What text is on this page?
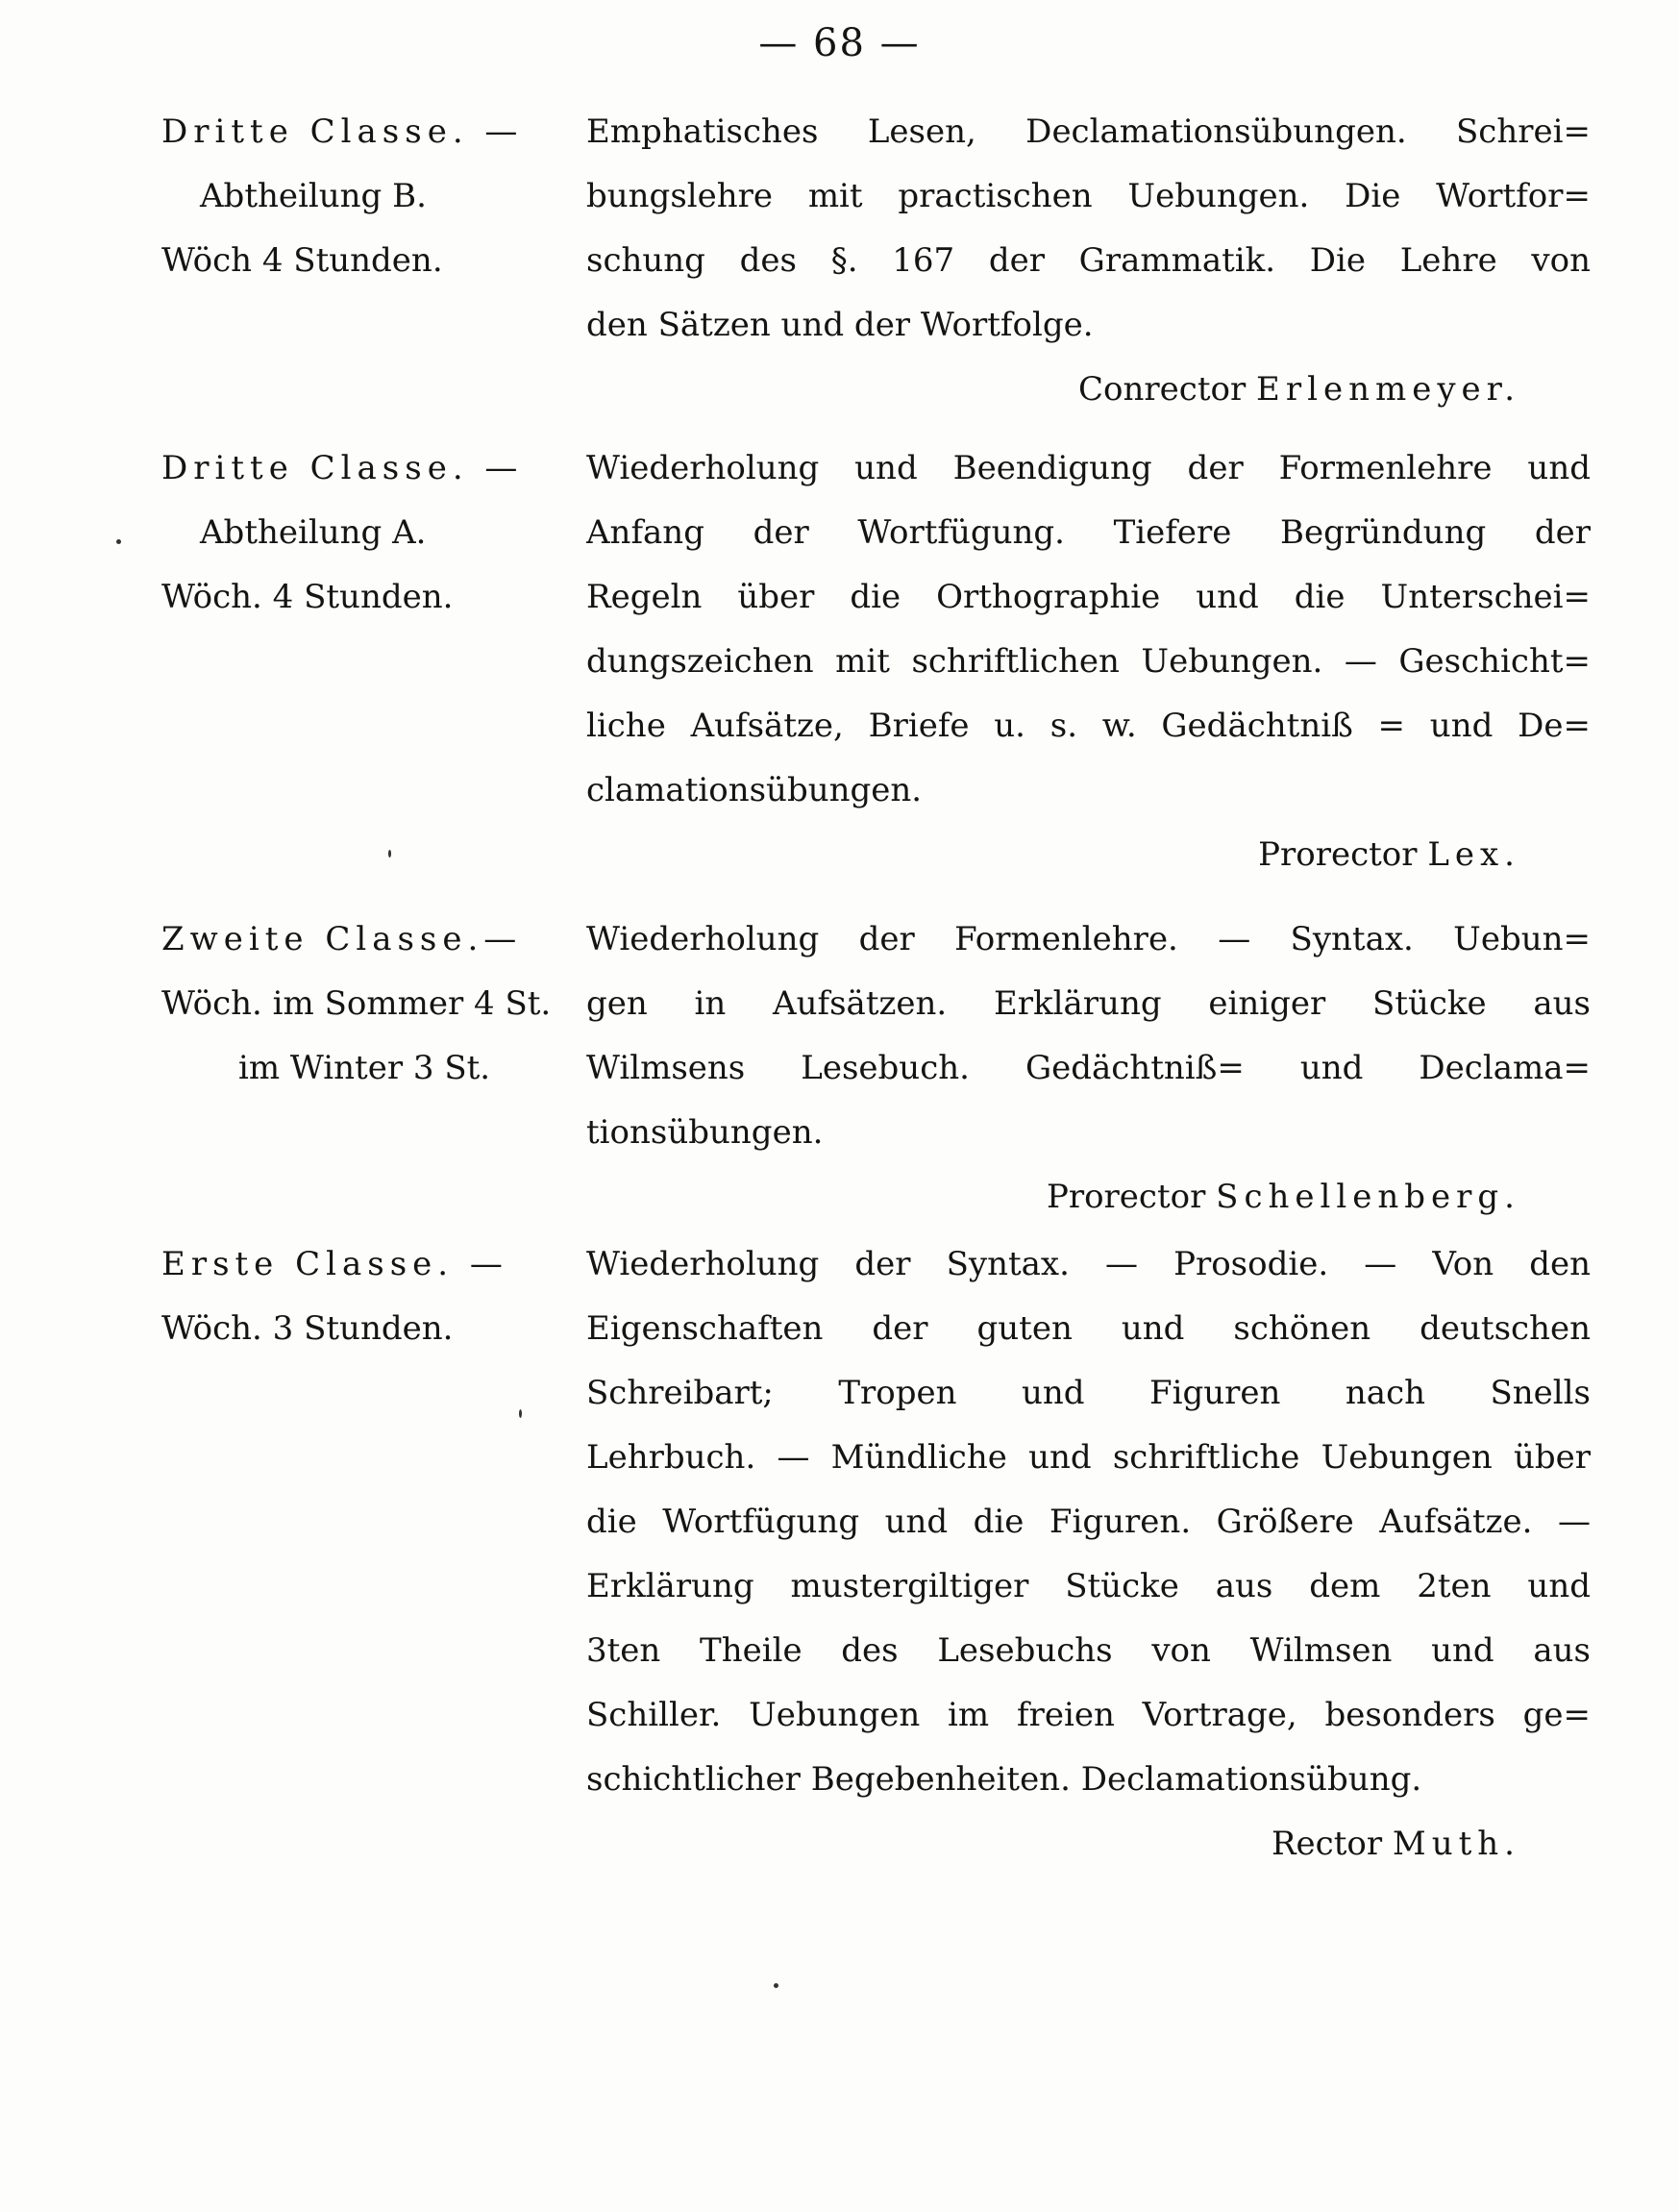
— 68 —
Dritte Classe. —
Abtheilung B.
Wöch 4 Stunden.
Emphatisches Lesen, Declamationsübungen. Schrei=
bungslehre mit practischen Uebungen. Die Wortfor=
schung des §. 167 der Grammatik. Die Lehre von
den Sätzen und der Wortfolge.
Conrector Erlenmeyer.
Dritte Classe. —
Abtheilung A.
Wöch. 4 Stunden.
Wiederholung und Beendigung der Formenlehre und
Anfang der Wortfügung. Tiefere Begründung der
Regeln über die Orthographie und die Unterschei=
dungszeichen mit schriftlichen Uebungen. — Geschicht=
liche Aufsätze, Briefe u. s. w. Gedächtniß = und De=
clamationsübungen.
Prorector Lex.
Zweite Classe.—
Wöch. im Sommer 4 St.
im Winter 3 St.
Wiederholung der Formenlehre. — Syntax. Uebun=
gen in Aufsätzen. Erklärung einiger Stücke aus
Wilmsens Lesebuch. Gedächtniß= und Declama=
tionsübungen.
Prorector Schellenberg.
Erste Classe. —
Wöch. 3 Stunden.
Wiederholung der Syntax. — Prosodie. — Von den
Eigenschaften der guten und schönen deutschen
Schreibart; Tropen und Figuren nach Snells
Lehrbuch. — Mündliche und schriftliche Uebungen über
die Wortfügung und die Figuren. Größere Aufsätze. —
Erklärung mustergiltiger Stücke aus dem 2ten und
3ten Theile des Lesebuchs von Wilmsen und aus
Schiller. Uebungen im freien Vortrage, besonders ge=
schichtlicher Begebenheiten. Declamationsübung.
Rector Muth.
